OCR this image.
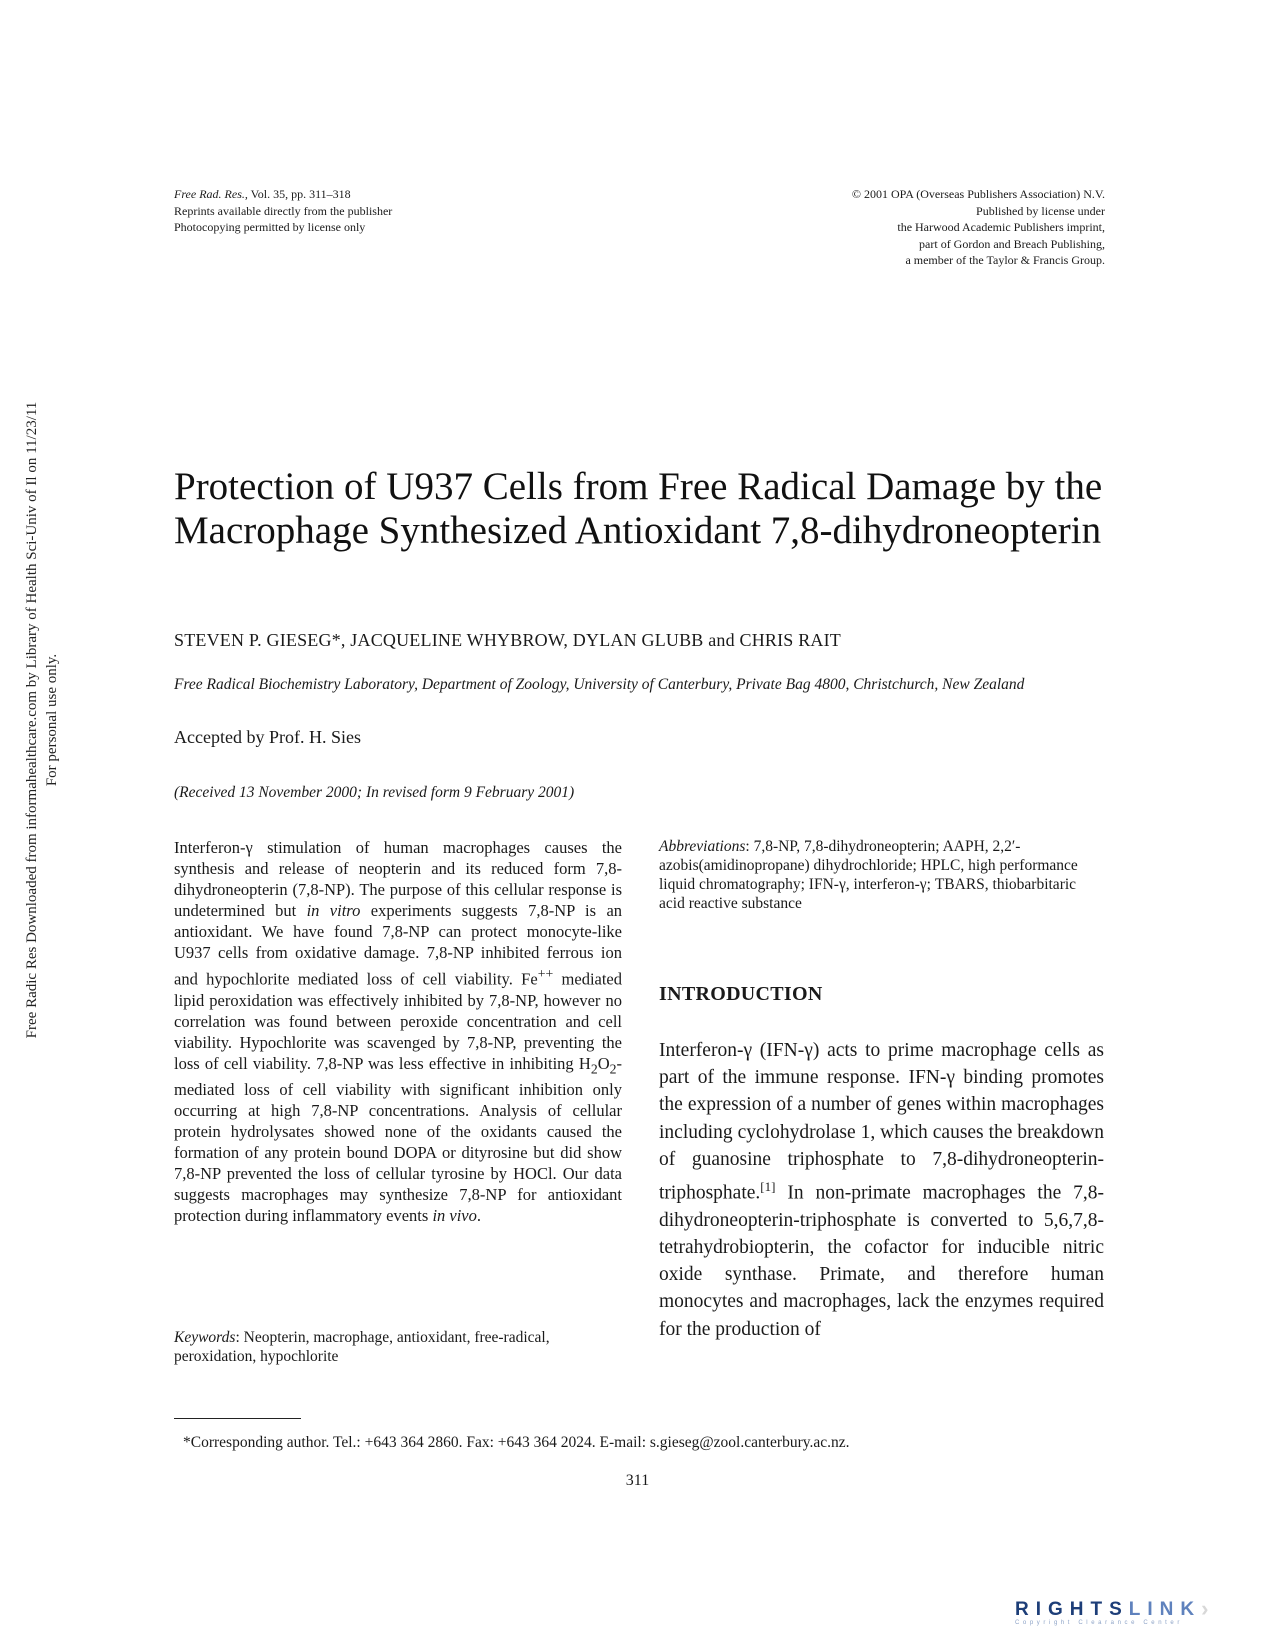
Free Rad. Res., Vol. 35, pp. 311–318
Reprints available directly from the publisher
Photocopying permitted by license only
© 2001 OPA (Overseas Publishers Association) N.V.
Published by license under
the Harwood Academic Publishers imprint,
part of Gordon and Breach Publishing,
a member of the Taylor & Francis Group.
Free Radic Res Downloaded from informahealthcare.com by Library of Health Sci-Univ of Il on 11/23/11 For personal use only.
Protection of U937 Cells from Free Radical Damage by the Macrophage Synthesized Antioxidant 7,8-dihydroneopterin
STEVEN P. GIESEG*, JACQUELINE WHYBROW, DYLAN GLUBB and CHRIS RAIT
Free Radical Biochemistry Laboratory, Department of Zoology, University of Canterbury, Private Bag 4800, Christchurch, New Zealand
Accepted by Prof. H. Sies
(Received 13 November 2000; In revised form 9 February 2001)
Interferon-γ stimulation of human macrophages causes the synthesis and release of neopterin and its reduced form 7,8-dihydroneopterin (7,8-NP). The purpose of this cellular response is undetermined but in vitro experiments suggests 7,8-NP is an antioxidant. We have found 7,8-NP can protect monocyte-like U937 cells from oxidative damage. 7,8-NP inhibited ferrous ion and hypochlorite mediated loss of cell viability. Fe++ mediated lipid peroxidation was effectively inhibited by 7,8-NP, however no correlation was found between peroxide concentration and cell viability. Hypochlorite was scavenged by 7,8-NP, preventing the loss of cell viability. 7,8-NP was less effective in inhibiting $H_2O_2$-mediated loss of cell viability with significant inhibition only occurring at high 7,8-NP concentrations. Analysis of cellular protein hydrolysates showed none of the oxidants caused the formation of any protein bound DOPA or dityrosine but did show 7,8-NP prevented the loss of cellular tyrosine by HOCl. Our data suggests macrophages may synthesize 7,8-NP for antioxidant protection during inflammatory events in vivo.
Keywords: Neopterin, macrophage, antioxidant, free-radical, peroxidation, hypochlorite
Abbreviations: 7,8-NP, 7,8-dihydroneopterin; AAPH, 2,2′-azobis(amidinopropane) dihydrochloride; HPLC, high performance liquid chromatography; IFN-γ, interferon-γ; TBARS, thiobarbitaric acid reactive substance
INTRODUCTION
Interferon-γ (IFN-γ) acts to prime macrophage cells as part of the immune response. IFN-γ binding promotes the expression of a number of genes within macrophages including cyclohydrolase 1, which causes the breakdown of guanosine triphosphate to 7,8-dihydroneopterin-triphosphate.[1] In non-primate macrophages the 7,8-dihydroneopterin-triphosphate is converted to 5,6,7,8-tetrahydrobiopterin, the cofactor for inducible nitric oxide synthase. Primate, and therefore human monocytes and macrophages, lack the enzymes required for the production of
*Corresponding author. Tel.: +643 364 2860. Fax: +643 364 2024. E-mail: s.gieseg@zool.canterbury.ac.nz.
311
RIGHTSLINK›
Copyright Clearance Center
